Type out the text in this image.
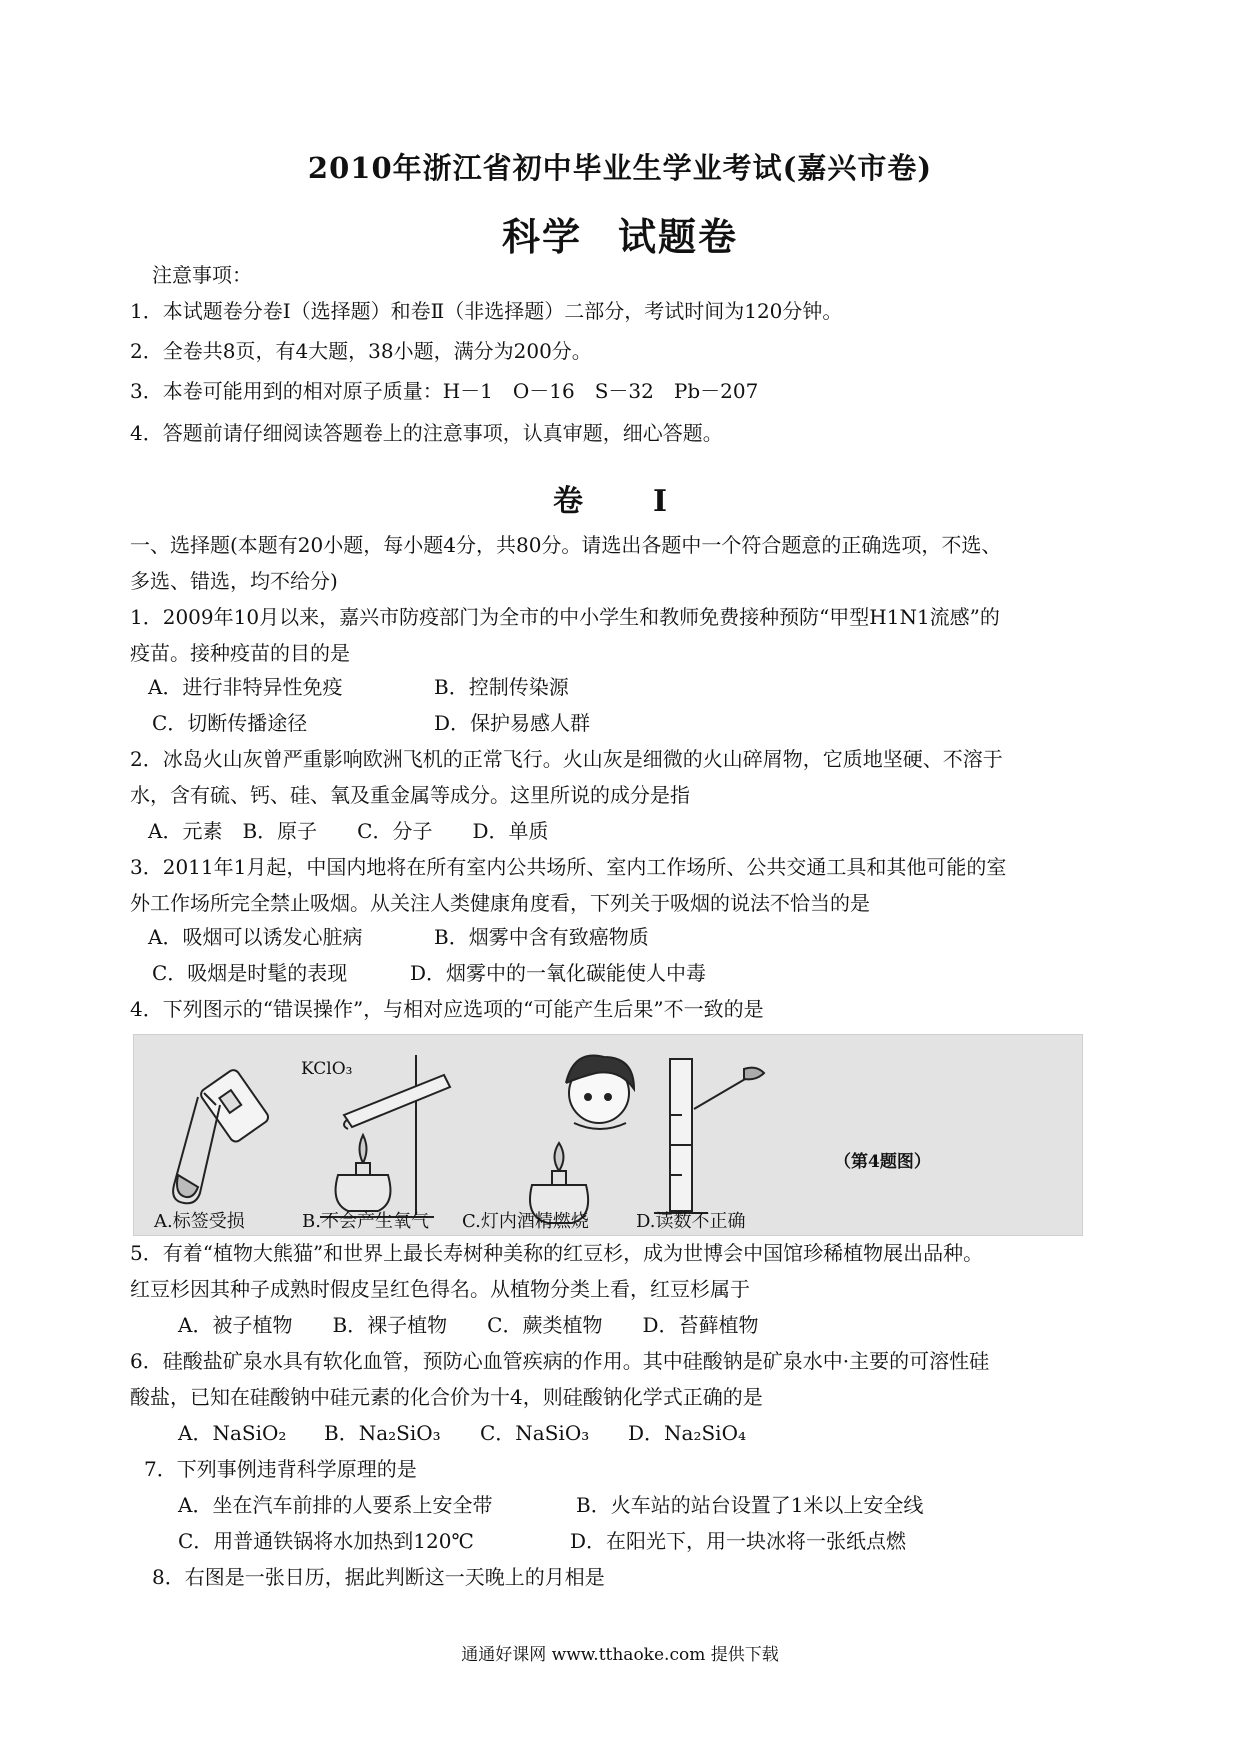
2010年浙江省初中毕业生学业考试(嘉兴市卷)
科学 试题卷
注意事项：
1．本试题卷分卷Ⅰ（选择题）和卷Ⅱ（非选择题）二部分，考试时间为120分钟。
2．全卷共8页，有4大题，38小题，满分为200分。
3．本卷可能用到的相对原子质量：H－1　O－16　S－32　Pb－207
4．答题前请仔细阅读答题卷上的注意事项，认真审题，细心答题。
卷　Ⅰ
一、选择题(本题有20小题，每小题4分，共80分。请选出各题中一个符合题意的正确选项，不选、
多选、错选，均不给分)
1．2009年10月以来，嘉兴市防疫部门为全市的中小学生和教师免费接种预防“甲型H1N1流感”的
疫苗。接种疫苗的目的是
A．进行非特异性免疫	B．控制传染源
C．切断传播途径	D．保护易感人群
2．冰岛火山灰曾严重影响欧洲飞机的正常飞行。火山灰是细微的火山碎屑物，它质地坚硬、不溶于
水，含有硫、钙、硅、氧及重金属等成分。这里所说的成分是指
A．元素　B．原子　　C．分子　　D．单质
3．2011年1月起，中国内地将在所有室内公共场所、室内工作场所、公共交通工具和其他可能的室
外工作场所完全禁止吸烟。从关注人类健康角度看，下列关于吸烟的说法不恰当的是
A．吸烟可以诱发心脏病	B．烟雾中含有致癌物质
C．吸烟是时髦的表现	D．烟雾中的一氧化碳能使人中毒
4．下列图示的“错误操作”，与相对应选项的“可能产生后果”不一致的是
KClO₃
（第4题图）
A.标签受损	B.不会产生氧气 C.灯内酒精燃烧	D.读数不正确
5．有着“植物大熊猫”和世界上最长寿树种美称的红豆杉，成为世博会中国馆珍稀植物展出品种。
红豆杉因其种子成熟时假皮呈红色得名。从植物分类上看，红豆杉属于
A．被子植物　　B．裸子植物　　C．蕨类植物　　D．苔藓植物
6．硅酸盐矿泉水具有软化血管，预防心血管疾病的作用。其中硅酸钠是矿泉水中·主要的可溶性硅
酸盐，已知在硅酸钠中硅元素的化合价为十4，则硅酸钠化学式正确的是
A．NaSiO₂ B．Na₂SiO₃ C．NaSiO₃ D．Na₂SiO₄
7．下列事例违背科学原理的是
A．坐在汽车前排的人要系上安全带	B．火车站的站台设置了1米以上安全线
C．用普通铁锅将水加热到120℃	D．在阳光下，用一块冰将一张纸点燃
8．右图是一张日历，据此判断这一天晚上的月相是
通通好课网 www.tthaoke.com 提供下载
